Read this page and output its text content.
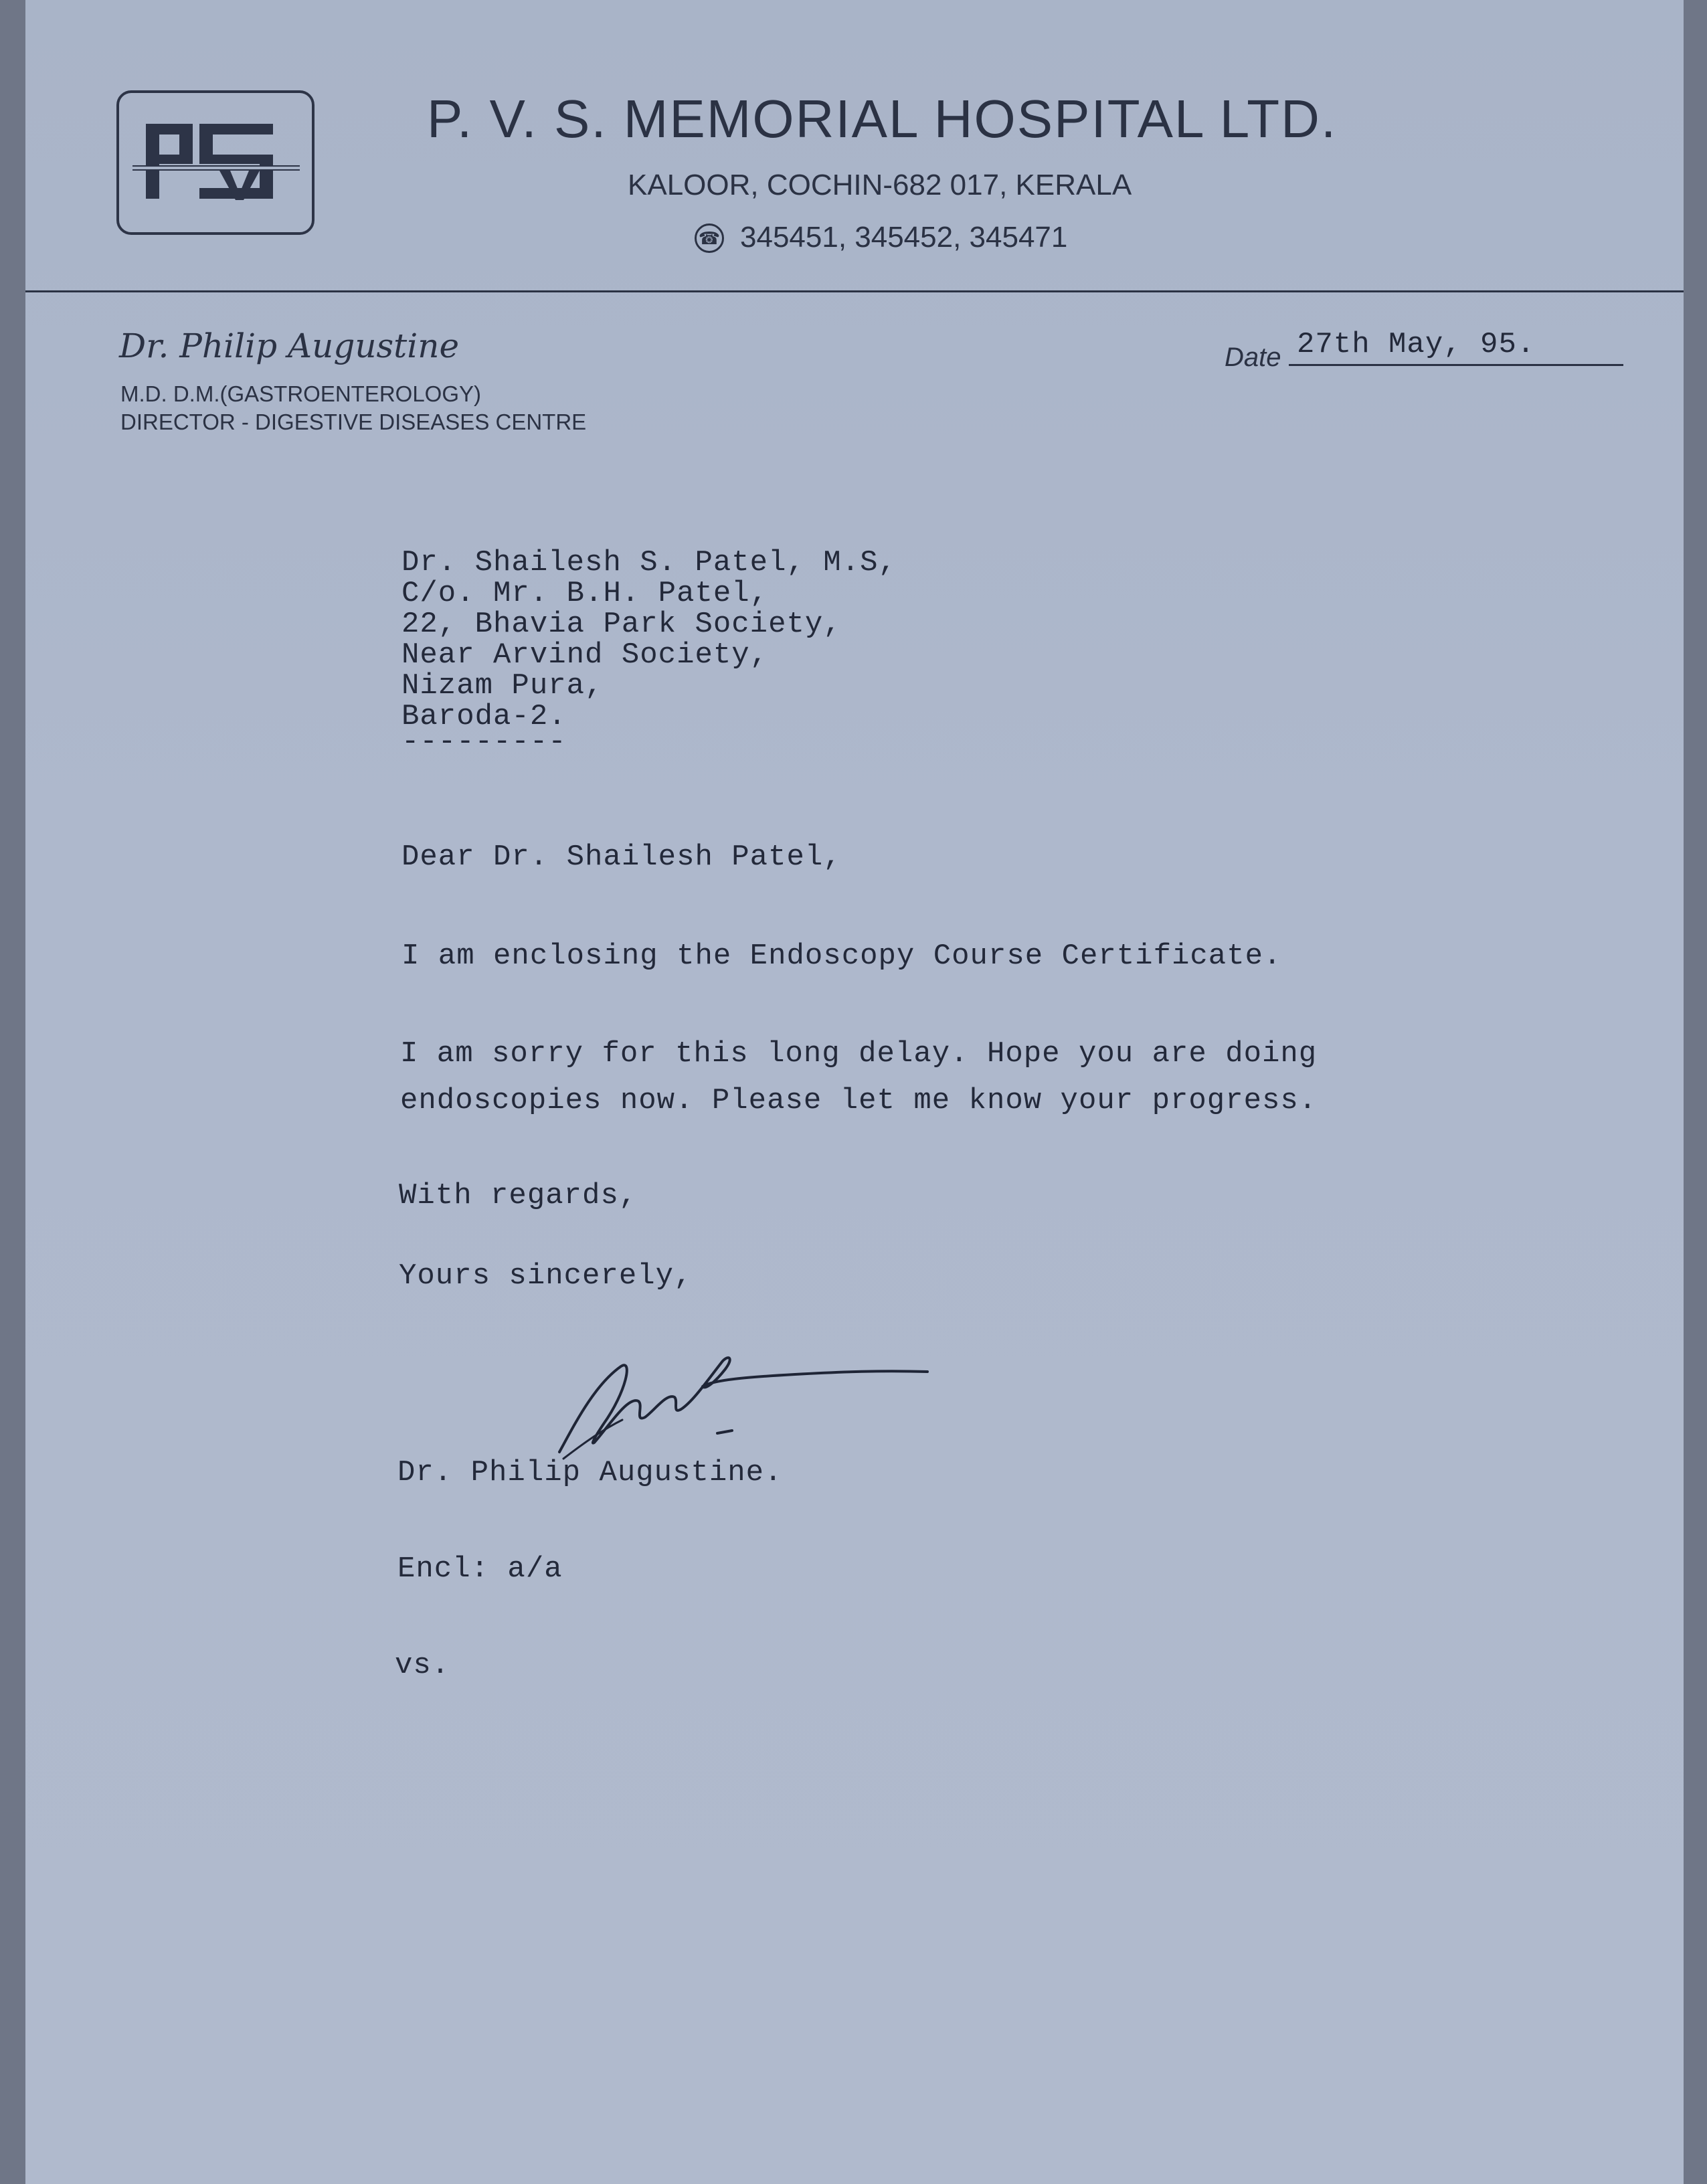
P. V. S. MEMORIAL HOSPITAL LTD.
KALOOR, COCHIN-682 017, KERALA
☎ 345451, 345452, 345471
Dr. Philip Augustine
M.D. D.M.(GASTROENTEROLOGY)
DIRECTOR - DIGESTIVE DISEASES CENTRE
Date 27th May, 95.
Dr. Shailesh S. Patel, M.S,
C/o. Mr. B.H. Patel,
22, Bhavia Park Society,
Near Arvind Society,
Nizam Pura,
Baroda-2.
---------
Dear Dr. Shailesh Patel,
I am enclosing the Endoscopy Course Certificate.
I am sorry for this long delay. Hope you are doing
endoscopies now. Please let me know your progress.
With regards,
Yours sincerely,
Dr. Philip Augustine.
Encl: a/a
vs.
